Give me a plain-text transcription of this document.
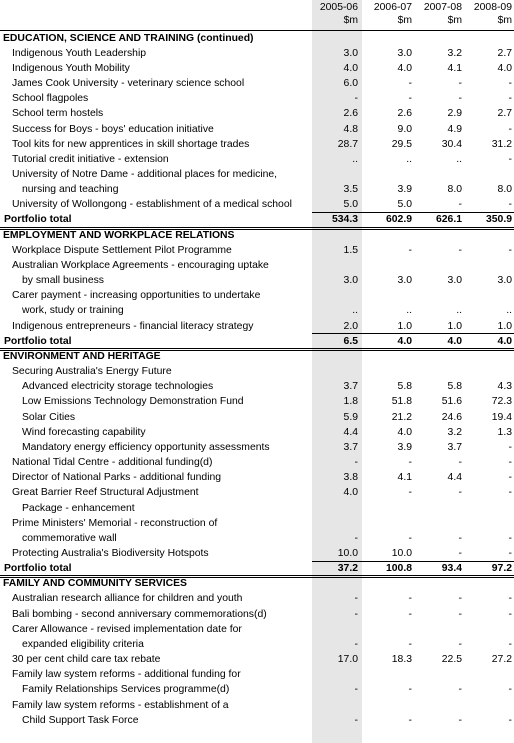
2005-06	2006-07	2007-08	2008-09
$m	$m	$m	$m
EDUCATION, SCIENCE AND TRAINING (continued)
Indigenous Youth Leadership	3.0	3.0	3.2	2.7
Indigenous Youth Mobility	4.0	4.0	4.1	4.0
James Cook University - veterinary science school	6.0	-	-	-
School flagpoles	-	-	-	-
School term hostels	2.6	2.6	2.9	2.7
Success for Boys - boys' education initiative	4.8	9.0	4.9	-
Tool kits for new apprentices in skill shortage trades	28.7	29.5	30.4	31.2
Tutorial credit initiative - extension	..	..	..	-
University of Notre Dame - additional places for medicine,
nursing and teaching	3.5	3.9	8.0	8.0
University of Wollongong - establishment of a medical school	5.0	5.0	-	-
Portfolio total	534.3	602.9	626.1	350.9
EMPLOYMENT AND WORKPLACE RELATIONS
Workplace Dispute Settlement Pilot Programme	1.5	-	-	-
Australian Workplace Agreements - encouraging uptake
by small business	3.0	3.0	3.0	3.0
Carer payment - increasing opportunities to undertake
work, study or training	..	..	..	..
Indigenous entrepreneurs - financial literacy strategy	2.0	1.0	1.0	1.0
Portfolio total	6.5	4.0	4.0	4.0
ENVIRONMENT AND HERITAGE
Securing Australia's Energy Future
Advanced electricity storage technologies	3.7	5.8	5.8	4.3
Low Emissions Technology Demonstration Fund	1.8	51.8	51.6	72.3
Solar Cities	5.9	21.2	24.6	19.4
Wind forecasting capability	4.4	4.0	3.2	1.3
Mandatory energy efficiency opportunity assessments	3.7	3.9	3.7	-
National Tidal Centre - additional funding(d)	-	-	-	-
Director of National Parks - additional funding	3.8	4.1	4.4	-
Great Barrier Reef Structural Adjustment	4.0	-	-	-
Package - enhancement
Prime Ministers' Memorial - reconstruction of
commemorative wall	-	-	-	-
Protecting Australia's Biodiversity Hotspots	10.0	10.0	-	-
Portfolio total	37.2	100.8	93.4	97.2
FAMILY AND COMMUNITY SERVICES
Australian research alliance for children and youth	-	-	-	-
Bali bombing - second anniversary commemorations(d)	-	-	-	-
Carer Allowance - revised implementation date for
expanded eligibility criteria	-	-	-	-
30 per cent child care tax rebate	17.0	18.3	22.5	27.2
Family law system reforms - additional funding for
Family Relationships Services programme(d)	-	-	-	-
Family law system reforms - establishment of a
Child Support Task Force	-	-	-	-
